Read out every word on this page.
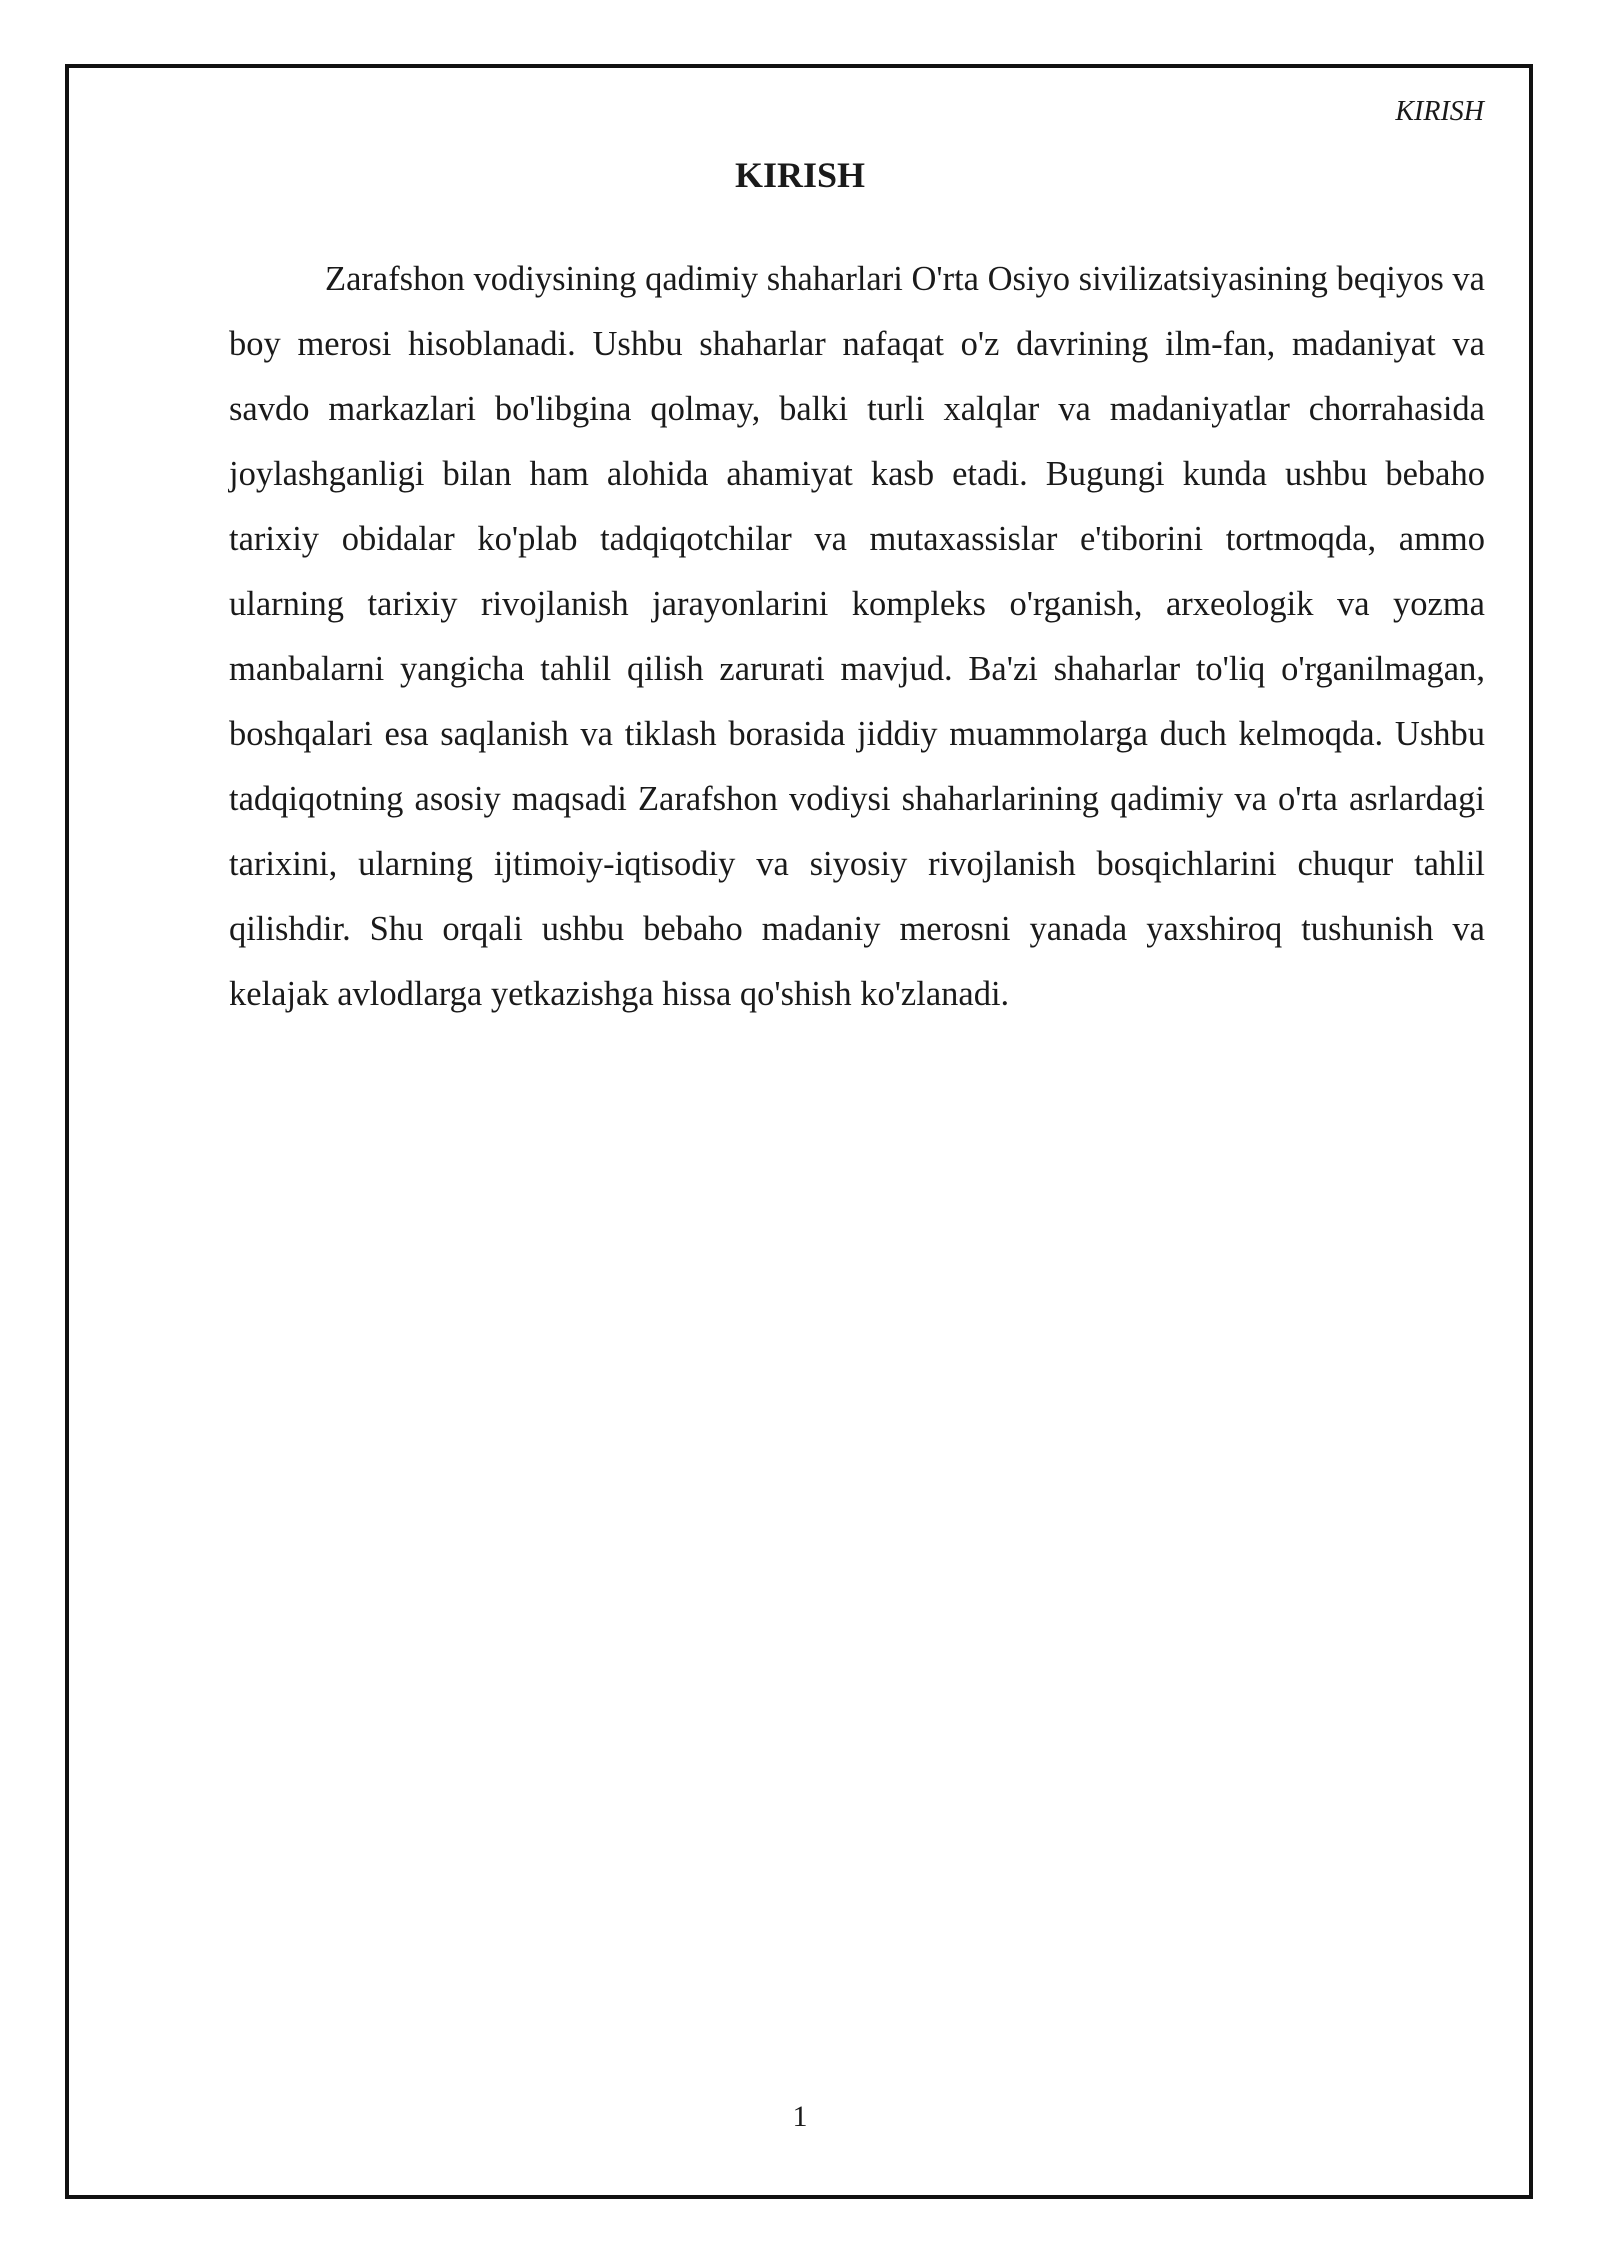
KIRISH
KIRISH

Zarafshon vodiysining qadimiy shaharlari O'rta Osiyo sivilizatsiyasining beqiyos va boy merosi hisoblanadi. Ushbu shaharlar nafaqat o'z davrining ilm-fan, madaniyat va savdo markazlari bo'libgina qolmay, balki turli xalqlar va madaniyatlar chorrahasida joylashganligi bilan ham alohida ahamiyat kasb etadi. Bugungi kunda ushbu bebaho tarixiy obidalar ko'plab tadqiqotchilar va mutaxassislar e'tiborini tortmoqda, ammo ularning tarixiy rivojlanish jarayonlarini kompleks o'rganish, arxeologik va yozma manbalarni yangicha tahlil qilish zarurati mavjud. Ba'zi shaharlar to'liq o'rganilmagan, boshqalari esa saqlanish va tiklash borasida jiddiy muammolarga duch kelmoqda. Ushbu tadqiqotning asosiy maqsadi Zarafshon vodiysi shaharlarining qadimiy va o'rta asrlardagi tarixini, ularning ijtimoiy-iqtisodiy va siyosiy rivojlanish bosqichlarini chuqur tahlil qilishdir. Shu orqali ushbu bebaho madaniy merosni yanada yaxshiroq tushunish va kelajak avlodlarga yetkazishga hissa qo'shish ko'zlanadi.

1
